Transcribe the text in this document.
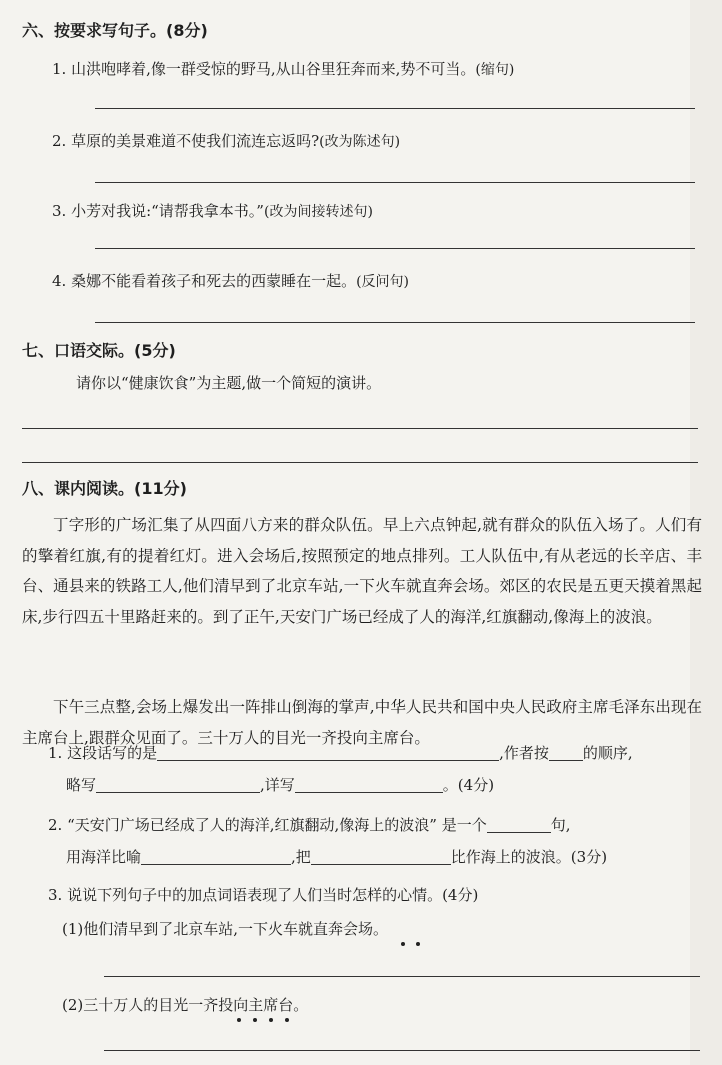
六、按要求写句子。(8分)
1. 山洪咆哮着,像一群受惊的野马,从山谷里狂奔而来,势不可当。(缩句)
2. 草原的美景难道不使我们流连忘返吗?(改为陈述句)
3. 小芳对我说:“请帮我拿本书。”(改为间接转述句)
4. 桑娜不能看着孩子和死去的西蒙睡在一起。(反问句)
七、口语交际。(5分)
请你以“健康饮食”为主题,做一个简短的演讲。
八、课内阅读。(11分)
丁字形的广场汇集了从四面八方来的群众队伍。早上六点钟起,就有群众的队伍入场了。人们有的擎着红旗,有的提着红灯。进入会场后,按照预定的地点排列。工人队伍中,有从老远的长辛店、丰台、通县来的铁路工人,他们清早到了北京车站,一下火车就直奔会场。郊区的农民是五更天摸着黑起床,步行四五十里路赶来的。到了正午,天安门广场已经成了人的海洋,红旗翻动,像海上的波浪。
下午三点整,会场上爆发出一阵排山倒海的掌声,中华人民共和国中央人民政府主席毛泽东出现在主席台上,跟群众见面了。三十万人的目光一齐投向主席台。
1. 这段话写的是	,作者按 的顺序,
略写	,详写	。(4分)
2. “天安门广场已经成了人的海洋,红旗翻动,像海上的波浪” 是一个	句,
用海洋比喻	,把	比作海上的波浪。(3分)
3. 说说下列句子中的加点词语表现了人们当时怎样的心情。(4分)
(1)他们清早到了北京车站,一下火车就直奔会场。
(2)三十万人的目光一齐投向主席台。
